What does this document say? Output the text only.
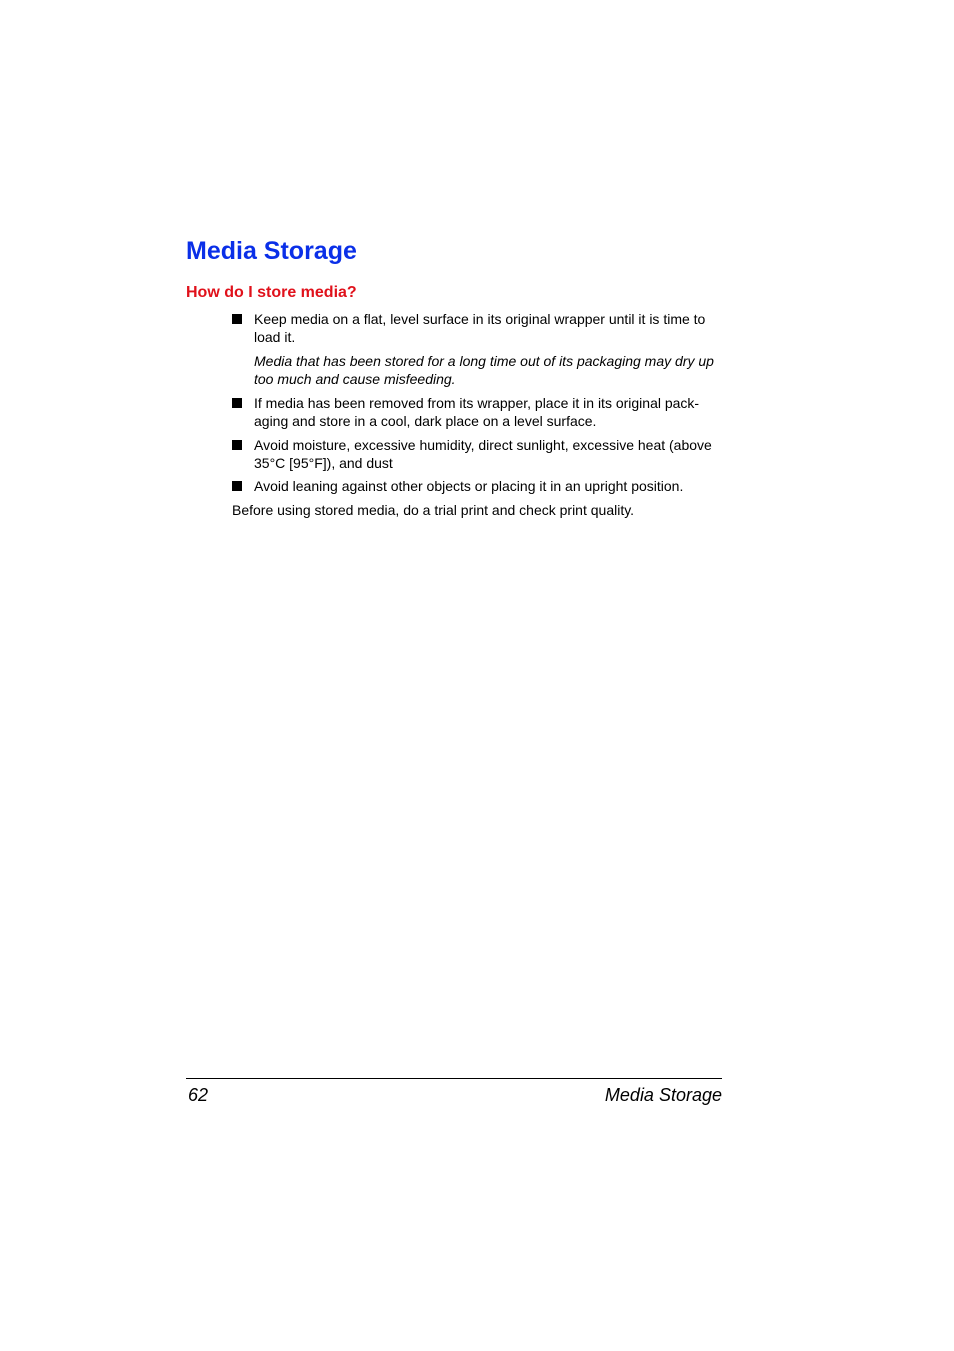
Media Storage
How do I store media?
Keep media on a flat, level surface in its original wrapper until it is time to load it.
Media that has been stored for a long time out of its packaging may dry up too much and cause misfeeding.
If media has been removed from its wrapper, place it in its original pack-aging and store in a cool, dark place on a level surface.
Avoid moisture, excessive humidity, direct sunlight, excessive heat (above 35°C [95°F]), and dust
Avoid leaning against other objects or placing it in an upright position.
Before using stored media, do a trial print and check print quality.
62	Media Storage
